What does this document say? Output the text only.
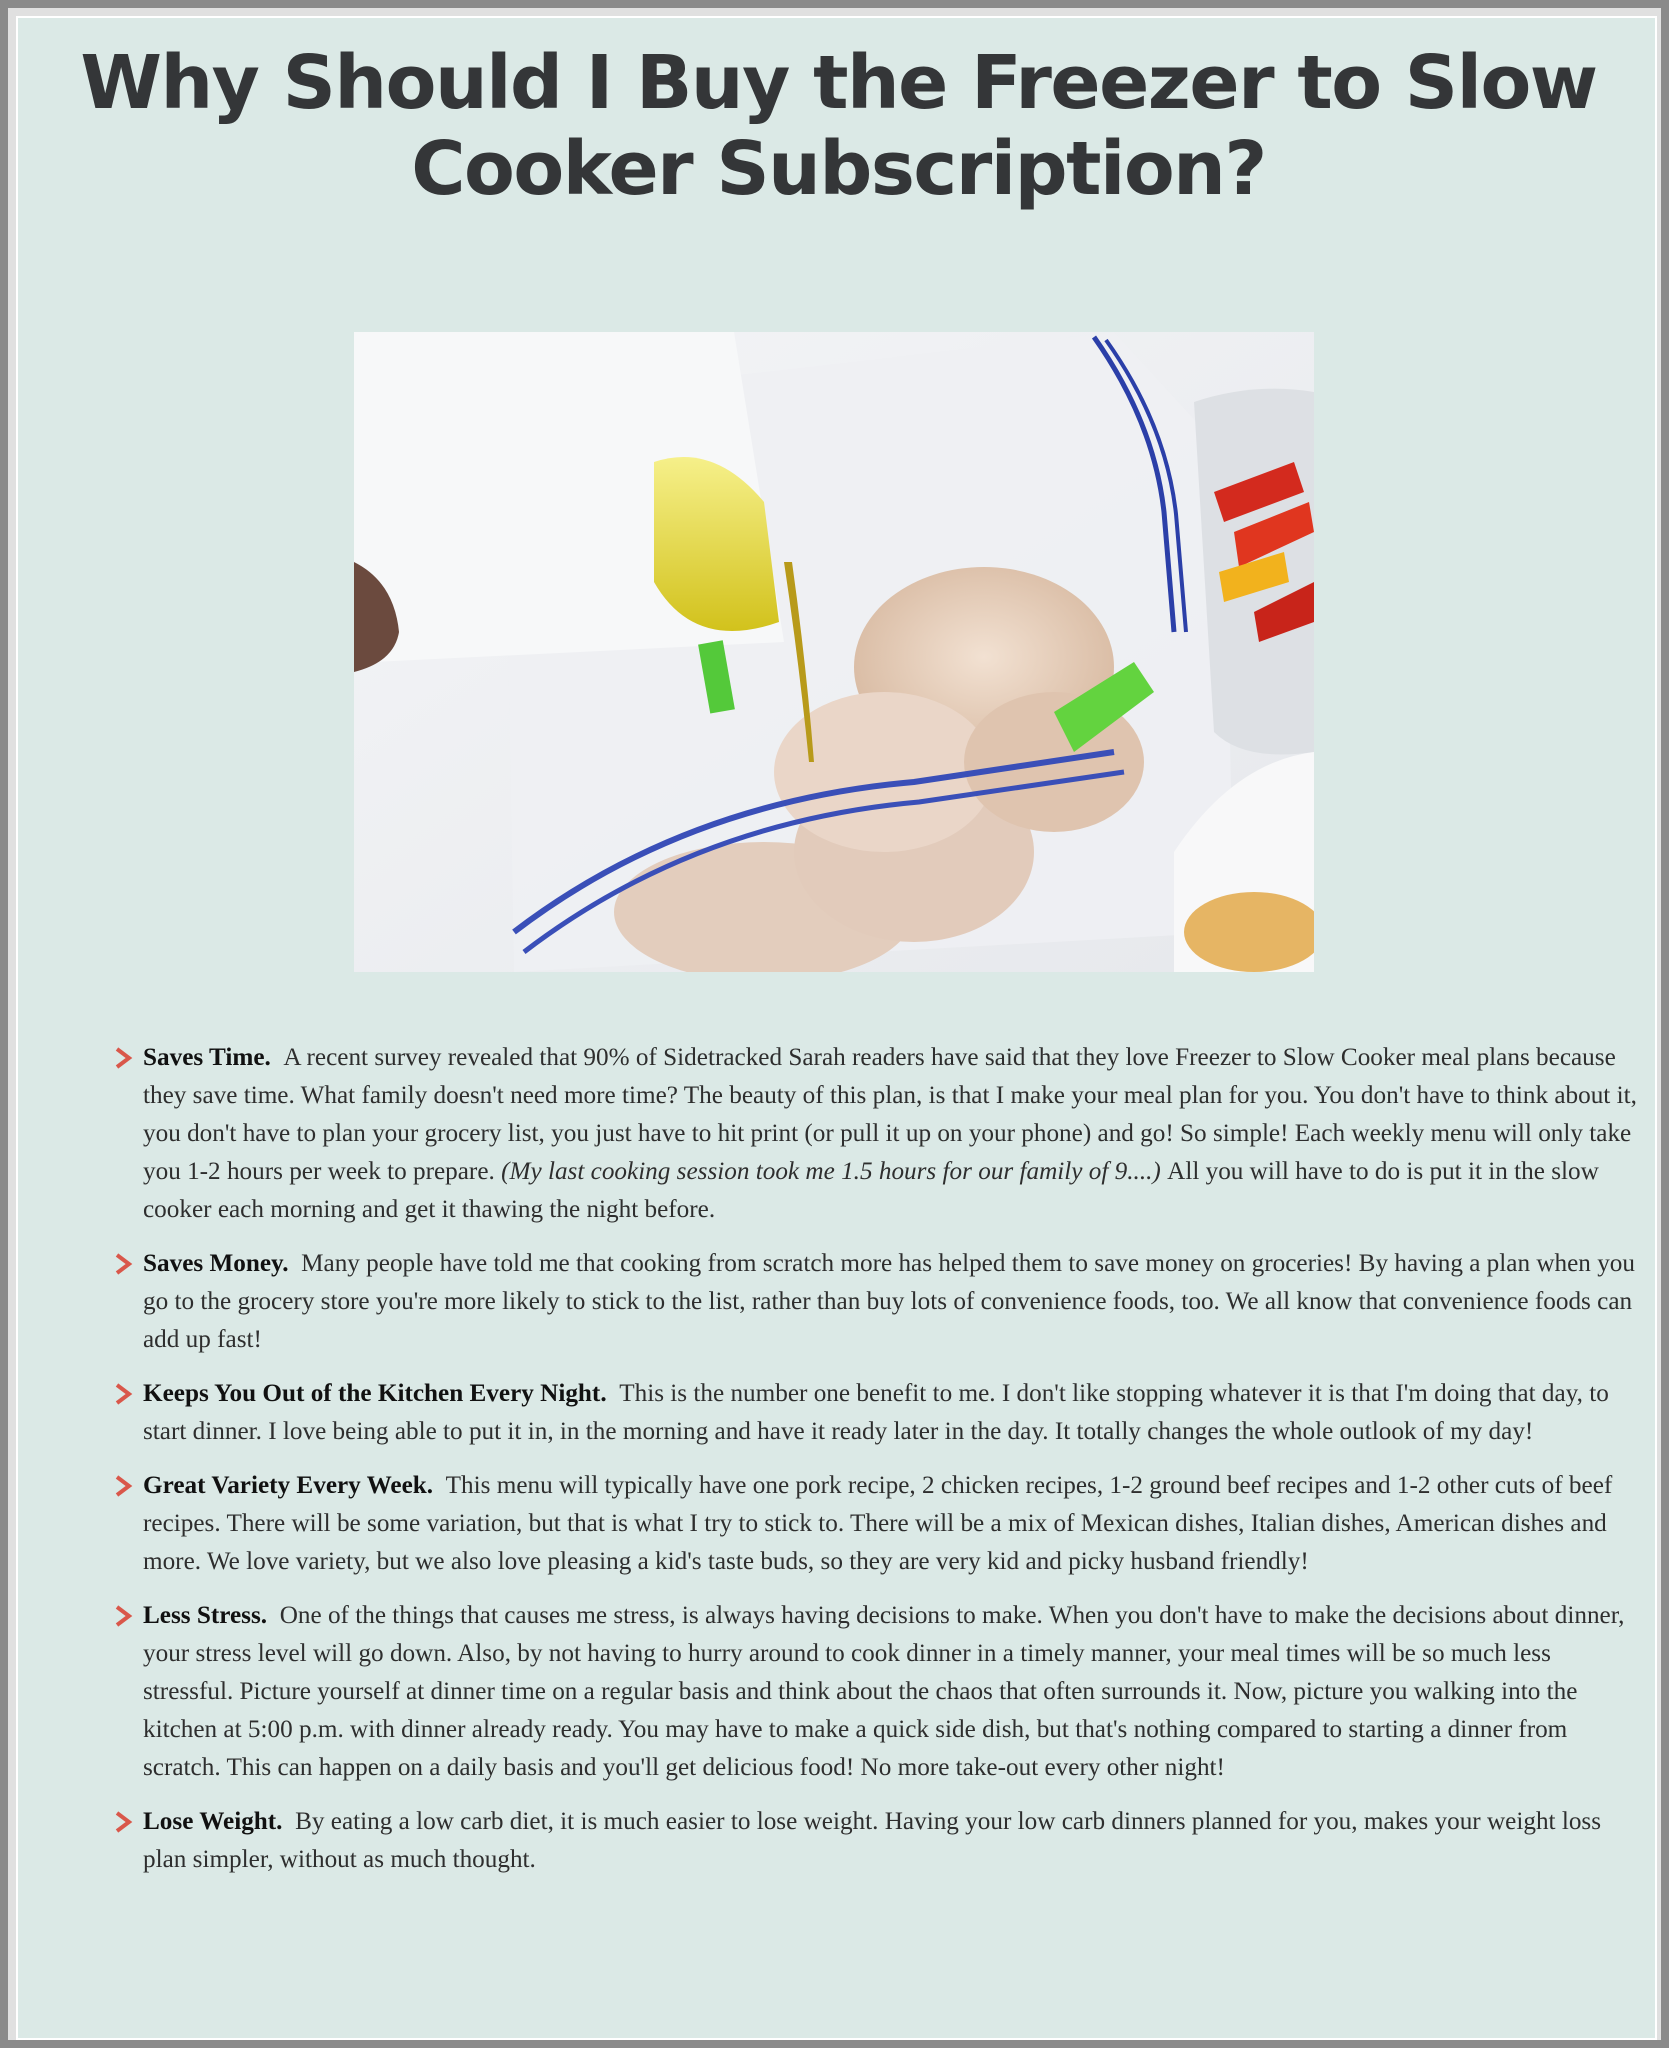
Why Should I Buy the Freezer to Slow Cooker Subscription?
Saves Time. A recent survey revealed that 90% of Sidetracked Sarah readers have said that they love Freezer to Slow Cooker meal plans because they save time. What family doesn't need more time? The beauty of this plan, is that I make your meal plan for you. You don't have to think about it, you don't have to plan your grocery list, you just have to hit print (or pull it up on your phone) and go! So simple! Each weekly menu will only take you 1-2 hours per week to prepare. (My last cooking session took me 1.5 hours for our family of 9....) All you will have to do is put it in the slow cooker each morning and get it thawing the night before.
Saves Money. Many people have told me that cooking from scratch more has helped them to save money on groceries! By having a plan when you go to the grocery store you're more likely to stick to the list, rather than buy lots of convenience foods, too. We all know that convenience foods can add up fast!
Keeps You Out of the Kitchen Every Night. This is the number one benefit to me. I don't like stopping whatever it is that I'm doing that day, to start dinner. I love being able to put it in, in the morning and have it ready later in the day. It totally changes the whole outlook of my day!
Great Variety Every Week. This menu will typically have one pork recipe, 2 chicken recipes, 1-2 ground beef recipes and 1-2 other cuts of beef recipes. There will be some variation, but that is what I try to stick to. There will be a mix of Mexican dishes, Italian dishes, American dishes and more. We love variety, but we also love pleasing a kid's taste buds, so they are very kid and picky husband friendly!
Less Stress. One of the things that causes me stress, is always having decisions to make. When you don't have to make the decisions about dinner, your stress level will go down. Also, by not having to hurry around to cook dinner in a timely manner, your meal times will be so much less stressful. Picture yourself at dinner time on a regular basis and think about the chaos that often surrounds it. Now, picture you walking into the kitchen at 5:00 p.m. with dinner already ready. You may have to make a quick side dish, but that's nothing compared to starting a dinner from scratch. This can happen on a daily basis and you'll get delicious food! No more take-out every other night!
Lose Weight. By eating a low carb diet, it is much easier to lose weight. Having your low carb dinners planned for you, makes your weight loss plan simpler, without as much thought.
